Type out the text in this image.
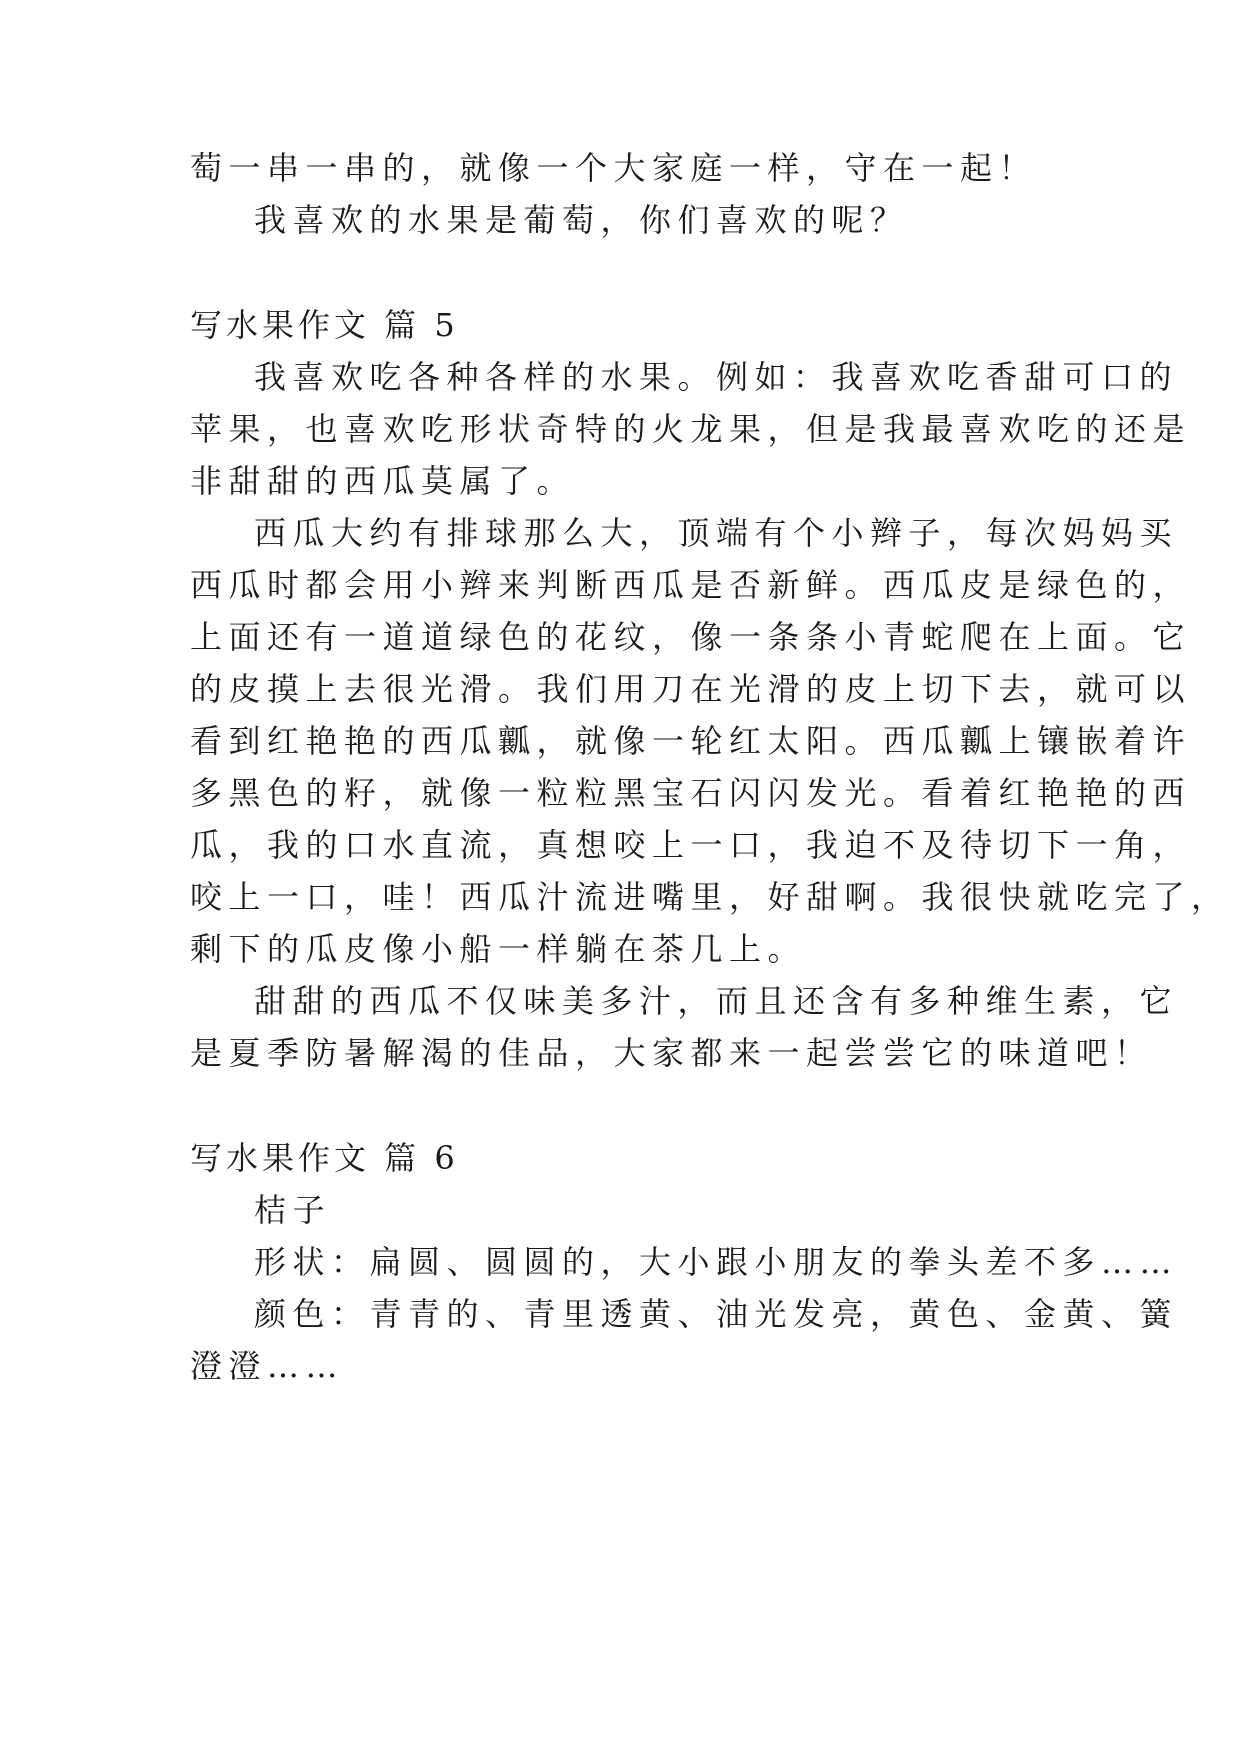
萄一串一串的，就像一个大家庭一样，守在一起！
我喜欢的水果是葡萄，你们喜欢的呢？
写水果作文 篇 5
我喜欢吃各种各样的水果。例如：我喜欢吃香甜可口的
苹果，也喜欢吃形状奇特的火龙果，但是我最喜欢吃的还是
非甜甜的西瓜莫属了。
西瓜大约有排球那么大，顶端有个小辫子，每次妈妈买
西瓜时都会用小辫来判断西瓜是否新鲜。西瓜皮是绿色的，
上面还有一道道绿色的花纹，像一条条小青蛇爬在上面。它
的皮摸上去很光滑。我们用刀在光滑的皮上切下去，就可以
看到红艳艳的西瓜瓤，就像一轮红太阳。西瓜瓤上镶嵌着许
多黑色的籽，就像一粒粒黑宝石闪闪发光。看着红艳艳的西
瓜，我的口水直流，真想咬上一口，我迫不及待切下一角，
咬上一口，哇！西瓜汁流进嘴里，好甜啊。我很快就吃完了，
剩下的瓜皮像小船一样躺在茶几上。
甜甜的西瓜不仅味美多汁，而且还含有多种维生素，它
是夏季防暑解渴的佳品，大家都来一起尝尝它的味道吧！
写水果作文 篇 6
桔子
形状：扁圆、圆圆的，大小跟小朋友的拳头差不多……
颜色：青青的、青里透黄、油光发亮，黄色、金黄、簧
澄澄……
